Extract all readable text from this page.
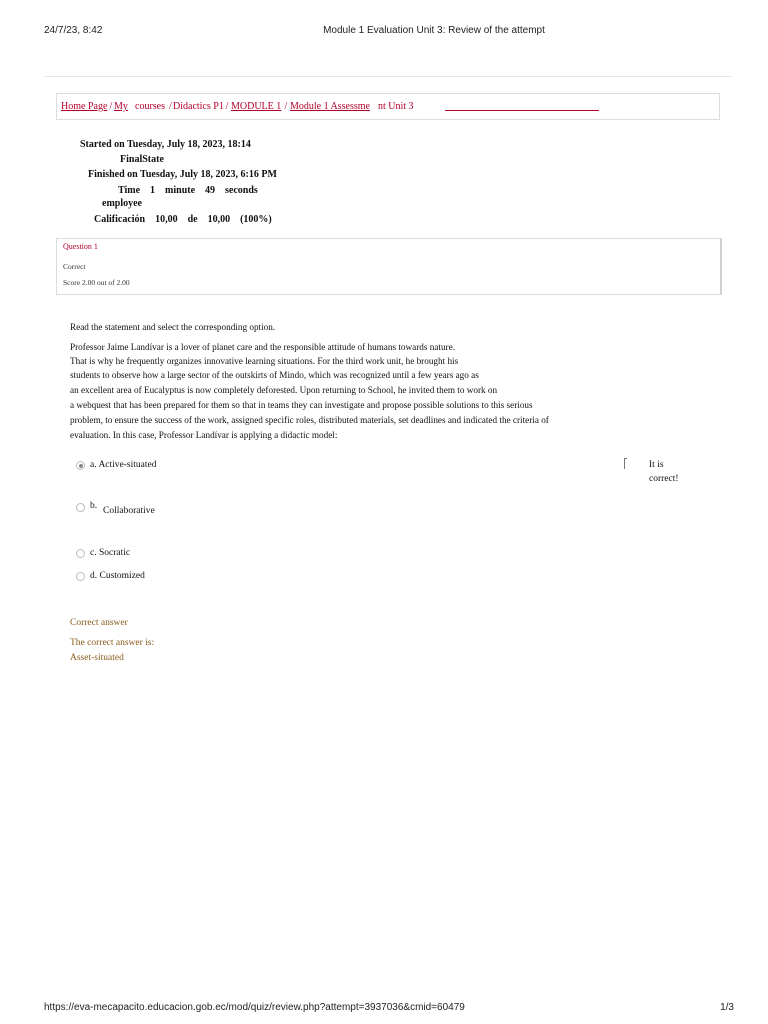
24/7/23, 8:42	Module 1 Evaluation Unit 3: Review of the attempt
Home Page / My courses / Didactics P1 / MODULE 1 / Module 1 Assessme nt Unit 3
Started on Tuesday, July 18, 2023, 18:14
FinalState
Finished on Tuesday, July 18, 2023, 6:16 PM
Time    1    minute    49    seconds
employee
Calificación    10,00    de    10,00    (100%)
Question 1
Correct
Score 2.00 out of 2.00
Read the statement and select the corresponding option.
Professor Jaime Landívar is a lover of planet care and the responsible attitude of humans towards nature.
That is why he frequently organizes innovative learning situations. For the third work unit, he brought his
students to observe how a large sector of the outskirts of Mindo, which was recognized until a few years ago as
an excellent area of Eucalyptus is now completely deforested. Upon returning to School, he invited them to work on
a webquest that has been prepared for them so that in teams they can investigate and propose possible solutions to this serious
problem, to ensure the success of the work, assigned specific roles, distributed materials, set deadlines and indicated the criteria of
evaluation. In this case, Professor Landívar is applying a didactic model:
a. Active-situated
b. Collaborative
c. Socratic
d. Customized
It is
correct!
Correct answer
The correct answer is:
Asset-situated
https://eva-mecapacito.educacion.gob.ec/mod/quiz/review.php?attempt=3937036&cmid=60479	1/3
